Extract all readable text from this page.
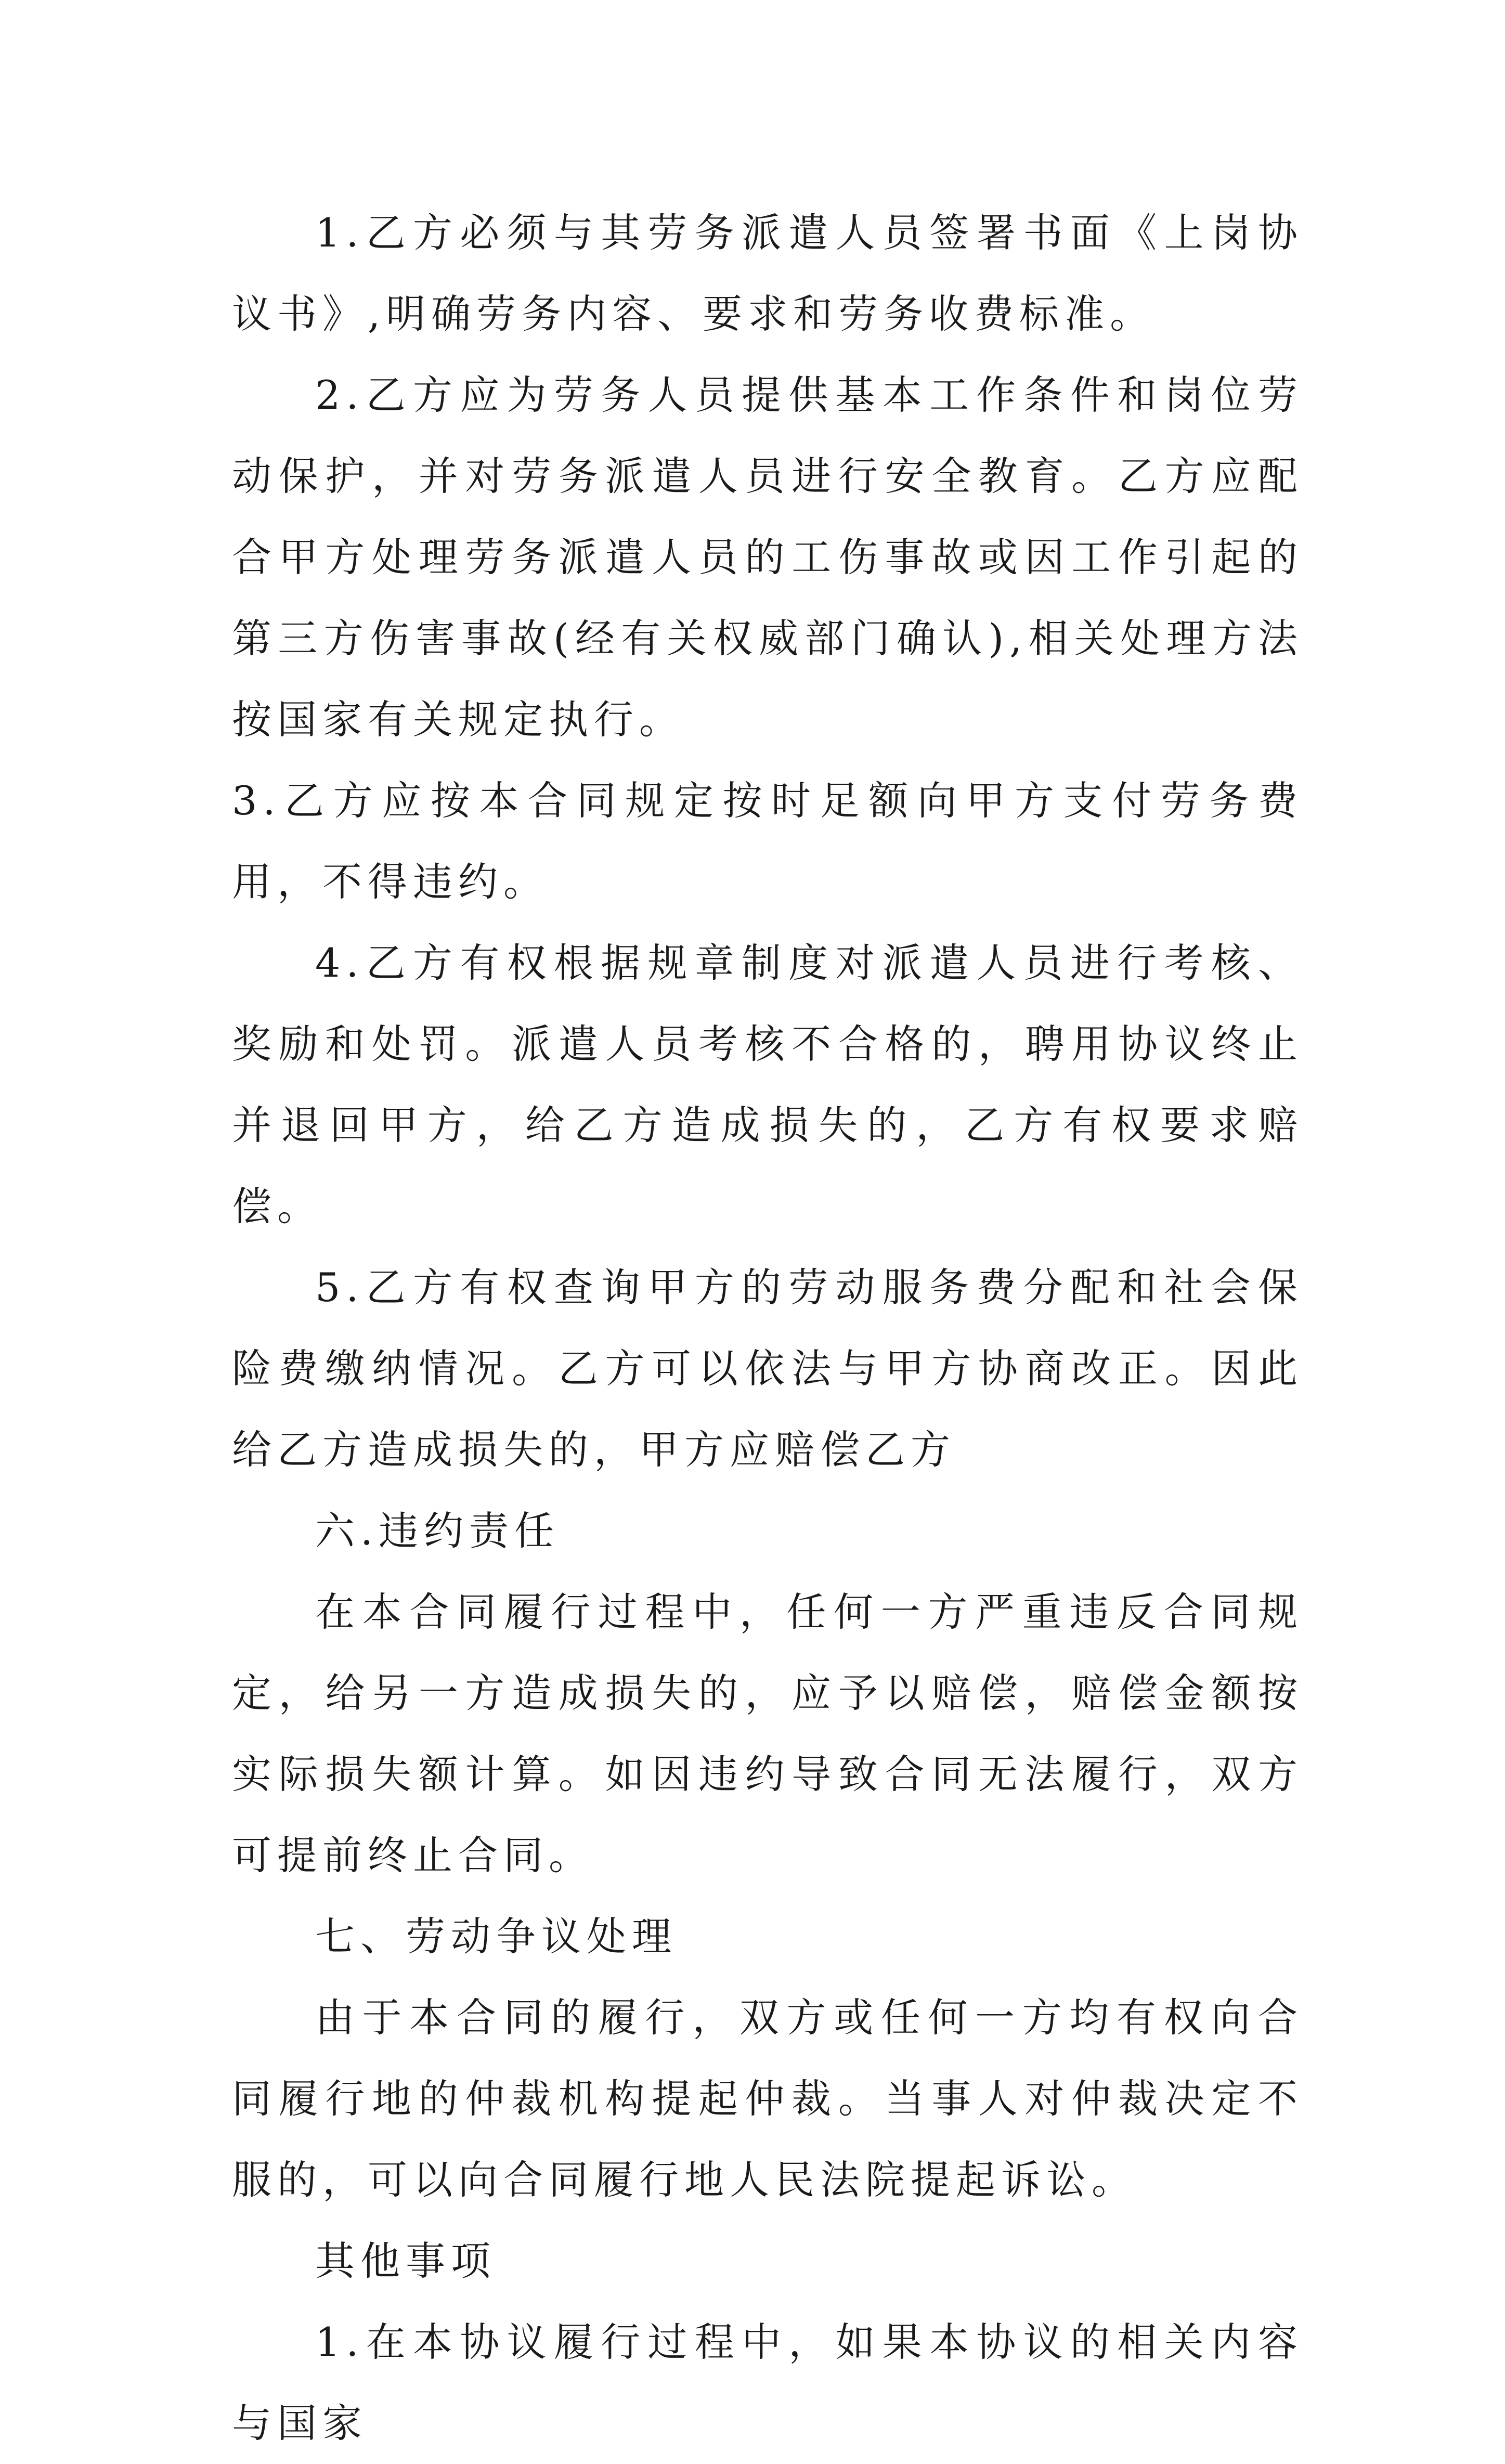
1.乙方必须与其劳务派遣人员签署书面《上岗协议书》,明确劳务内容、要求和劳务收费标准。

2.乙方应为劳务人员提供基本工作条件和岗位劳动保护，并对劳务派遣人员进行安全教育。乙方应配合甲方处理劳务派遣人员的工伤事故或因工作引起的第三方伤害事故(经有关权威部门确认),相关处理方法按国家有关规定执行。

3.乙方应按本合同规定按时足额向甲方支付劳务费用，不得违约。

4.乙方有权根据规章制度对派遣人员进行考核、奖励和处罚。派遣人员考核不合格的，聘用协议终止并退回甲方，给乙方造成损失的，乙方有权要求赔偿。

5.乙方有权查询甲方的劳动服务费分配和社会保险费缴纳情况。乙方可以依法与甲方协商改正。因此给乙方造成损失的，甲方应赔偿乙方

六.违约责任

在本合同履行过程中，任何一方严重违反合同规定，给另一方造成损失的，应予以赔偿，赔偿金额按实际损失额计算。如因违约导致合同无法履行，双方可提前终止合同。

七、劳动争议处理

由于本合同的履行，双方或任何一方均有权向合同履行地的仲裁机构提起仲裁。当事人对仲裁决定不服的，可以向合同履行地人民法院提起诉讼。

其他事项

1.在本协议履行过程中，如果本协议的相关内容与国家
